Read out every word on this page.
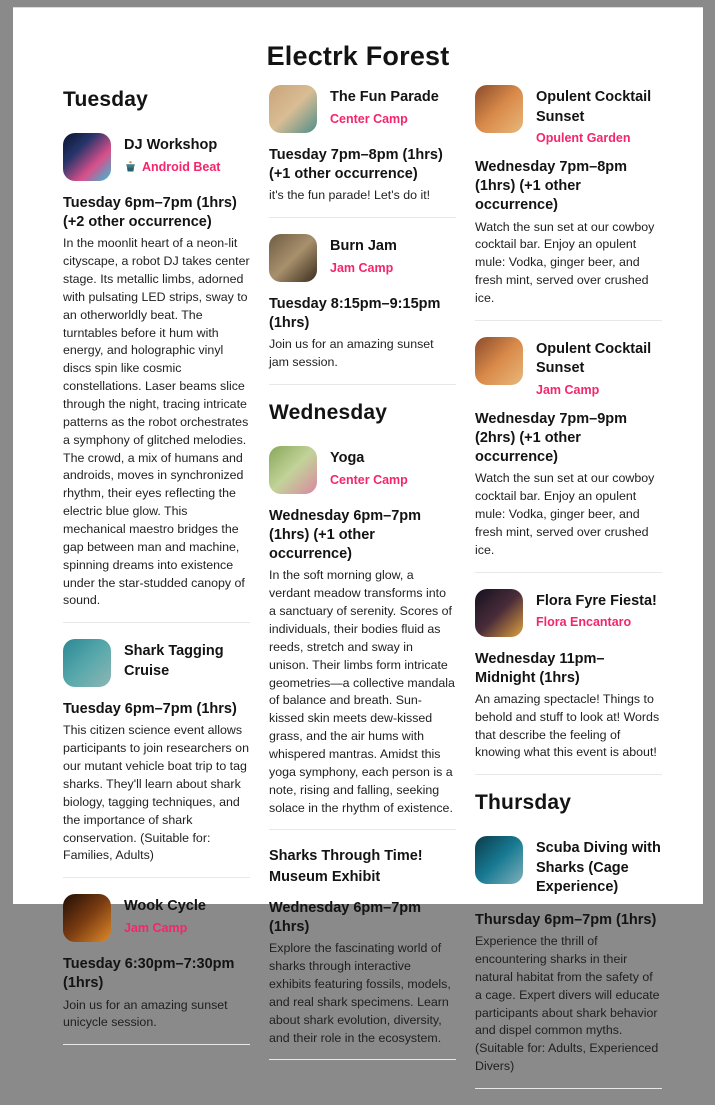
Electrk Forest
Tuesday
DJ Workshop
Android Beat
Tuesday 6pm–7pm (1hrs) (+2 other occurrence)
In the moonlit heart of a neon-lit cityscape, a robot DJ takes center stage. Its metallic limbs, adorned with pulsating LED strips, sway to an otherworldly beat. The turntables before it hum with energy, and holographic vinyl discs spin like cosmic constellations. Laser beams slice through the night, tracing intricate patterns as the robot orchestrates a symphony of glitched melodies. The crowd, a mix of humans and androids, moves in synchronized rhythm, their eyes reflecting the electric blue glow. This mechanical maestro bridges the gap between man and machine, spinning dreams into existence under the star-studded canopy of sound.
Shark Tagging Cruise
Tuesday 6pm–7pm (1hrs)
This citizen science event allows participants to join researchers on our mutant vehicle boat trip to tag sharks. They'll learn about shark biology, tagging techniques, and the importance of shark conservation. (Suitable for: Families, Adults)
Wook Cycle
Jam Camp
Tuesday 6:30pm–7:30pm (1hrs)
Join us for an amazing sunset unicycle session.
The Fun Parade
Center Camp
Tuesday 7pm–8pm (1hrs) (+1 other occurrence)
it's the fun parade! Let's do it!
Burn Jam
Jam Camp
Tuesday 8:15pm–9:15pm (1hrs)
Join us for an amazing sunset jam session.
Wednesday
Yoga
Center Camp
Wednesday 6pm–7pm (1hrs) (+1 other occurrence)
In the soft morning glow, a verdant meadow transforms into a sanctuary of serenity. Scores of individuals, their bodies fluid as reeds, stretch and sway in unison. Their limbs form intricate geometries—a collective mandala of balance and breath. Sun-kissed skin meets dew-kissed grass, and the air hums with whispered mantras. Amidst this yoga symphony, each person is a note, rising and falling, seeking solace in the rhythm of existence.
Sharks Through Time! Museum Exhibit
Wednesday 6pm–7pm (1hrs)
Explore the fascinating world of sharks through interactive exhibits featuring fossils, models, and real shark specimens. Learn about shark evolution, diversity, and their role in the ecosystem.
Opulent Cocktail Sunset
Opulent Garden
Wednesday 7pm–8pm (1hrs) (+1 other occurrence)
Watch the sun set at our cowboy cocktail bar. Enjoy an opulent mule: Vodka, ginger beer, and fresh mint, served over crushed ice.
Opulent Cocktail Sunset
Jam Camp
Wednesday 7pm–9pm (2hrs) (+1 other occurrence)
Watch the sun set at our cowboy cocktail bar. Enjoy an opulent mule: Vodka, ginger beer, and fresh mint, served over crushed ice.
Flora Fyre Fiesta!
Flora Encantaro
Wednesday 11pm–Midnight (1hrs)
An amazing spectacle! Things to behold and stuff to look at! Words that describe the feeling of knowing what this event is about!
Thursday
Scuba Diving with Sharks (Cage Experience)
Thursday 6pm–7pm (1hrs)
Experience the thrill of encountering sharks in their natural habitat from the safety of a cage. Expert divers will educate participants about shark behavior and dispel common myths. (Suitable for: Adults, Experienced Divers)
